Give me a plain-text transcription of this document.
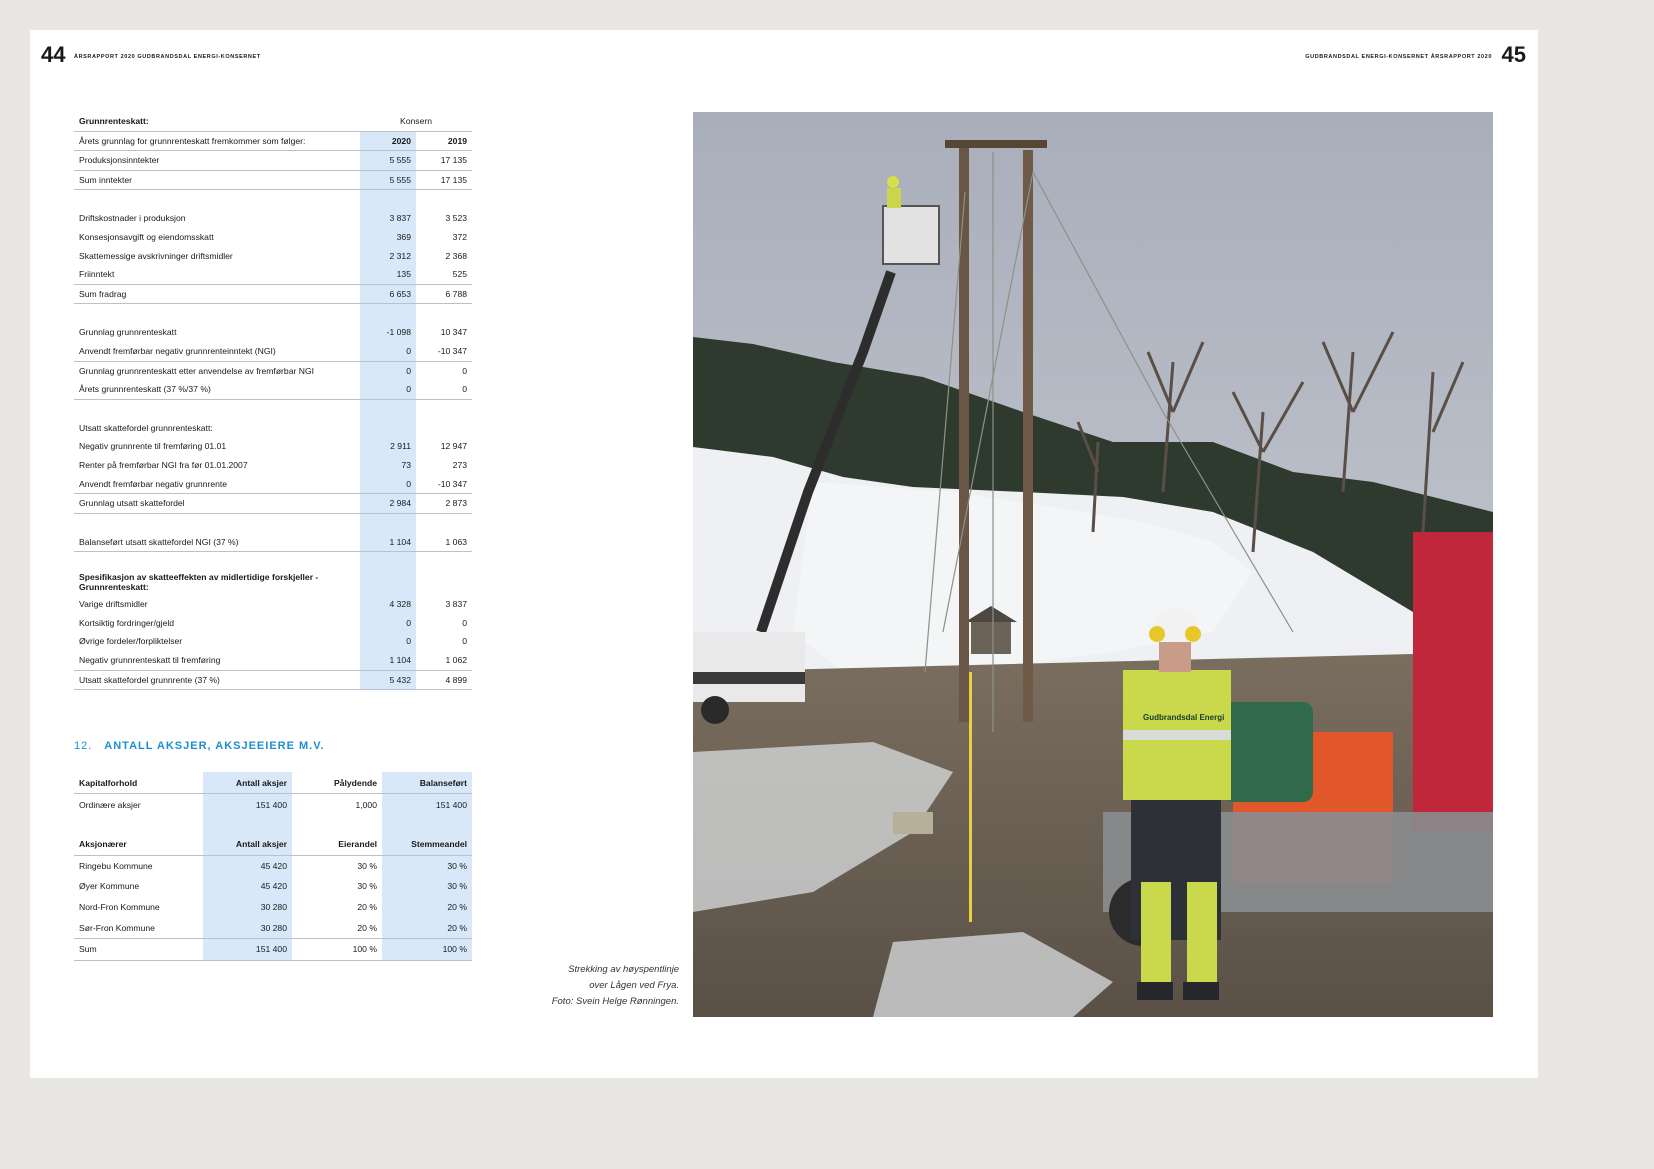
44 ÅRSRAPPORT 2020 GUDBRANDSDAL ENERGI-KONSERNET	GUDBRANDSDAL ENERGI-KONSERNET ÅRSRAPPORT 2020 45
Grunnrenteskatt:	Konsern	
Årets grunnlag for grunnrenteskatt fremkommer som følger:	2020	2019
Produksjonsinntekter	5 555	17 135
Sum inntekter	5 555	17 135

Driftskostnader i produksjon	3 837	3 523
Konsesjonsavgift og eiendomsskatt	369	372
Skattemessige avskrivninger driftsmidler	2 312	2 368
Friinntekt	135	525
Sum fradrag	6 653	6 788

Grunnlag grunnrenteskatt	-1 098	10 347
Anvendt fremførbar negativ grunnrenteinntekt (NGI)	0	-10 347
Grunnlag grunnrenteskatt etter anvendelse av fremførbar NGI	0	0
Årets grunnrenteskatt (37 %/37 %)	0	0

Utsatt skattefordel grunnrenteskatt:		
Negativ grunnrente til fremføring 01.01	2 911	12 947
Renter på fremførbar NGI fra før 01.01.2007	73	273
Anvendt fremførbar negativ grunnrente	0	-10 347
Grunnlag utsatt skattefordel	2 984	2 873

Balanseført utsatt skattefordel NGI (37 %)	1 104	1 063
Spesifikasjon av skatteeffekten av midlertidige forskjeller - Grunnrenteskatt:		
Varige driftsmidler	4 328	3 837
Kortsiktig fordringer/gjeld	0	0
Øvrige fordeler/forpliktelser	0	0
Negativ grunnrenteskatt til fremføring	1 104	1 062
Utsatt skattefordel grunnrente (37 %)	5 432	4 899

12. ANTALL AKSJER, AKSJEEIERE M.V.
Kapitalforhold	Antall aksjer	Pålydende	Balanseført
Ordinære aksjer	151 400	1,000	151 400

Aksjonærer	Antall aksjer	Eierandel	Stemmeandel
Ringebu Kommune	45 420	30 %	30 %
Øyer Kommune	45 420	30 %	30 %
Nord-Fron Kommune	30 280	20 %	20 %
Sør-Fron Kommune	30 280	20 %	20 %
Sum	151 400	100 %	100 %

Strekking av høyspentlinje
over Lågen ved Frya.
Foto: Svein Helge Rønningen.
Gudbrandsdal Energi
